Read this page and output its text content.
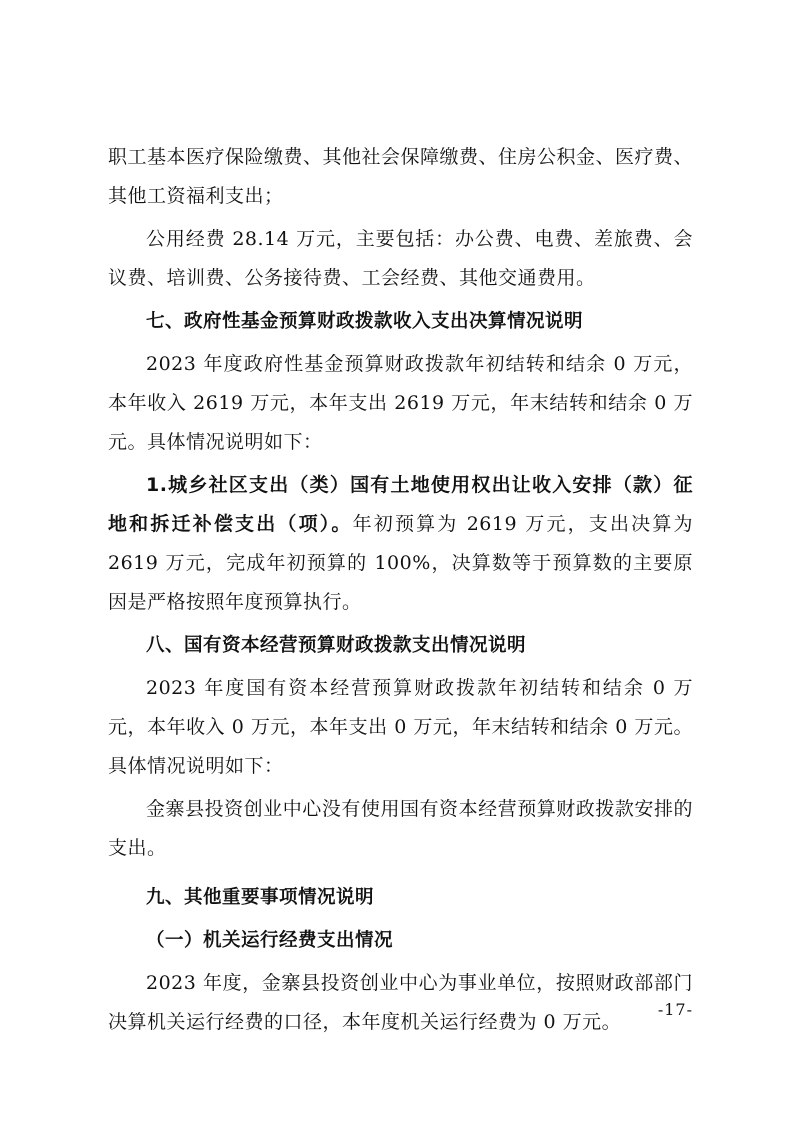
职工基本医疗保险缴费、其他社会保障缴费、住房公积金、医疗费、其他工资福利支出；

公用经费 28.14 万元，主要包括：办公费、电费、差旅费、会议费、培训费、公务接待费、工会经费、其他交通费用。

七、政府性基金预算财政拨款收入支出决算情况说明

2023 年度政府性基金预算财政拨款年初结转和结余 0 万元，本年收入 2619 万元，本年支出 2619 万元，年末结转和结余 0 万元。具体情况说明如下：

1.城乡社区支出（类）国有土地使用权出让收入安排（款）征地和拆迁补偿支出（项）。年初预算为 2619 万元，支出决算为 2619 万元，完成年初预算的 100%，决算数等于预算数的主要原因是严格按照年度预算执行。

八、国有资本经营预算财政拨款支出情况说明

2023 年度国有资本经营预算财政拨款年初结转和结余 0 万元，本年收入 0 万元，本年支出 0 万元，年末结转和结余 0 万元。具体情况说明如下：

金寨县投资创业中心没有使用国有资本经营预算财政拨款安排的支出。

九、其他重要事项情况说明

（一）机关运行经费支出情况

2023 年度，金寨县投资创业中心为事业单位，按照财政部部门决算机关运行经费的口径，本年度机关运行经费为 0 万元。

-17-
